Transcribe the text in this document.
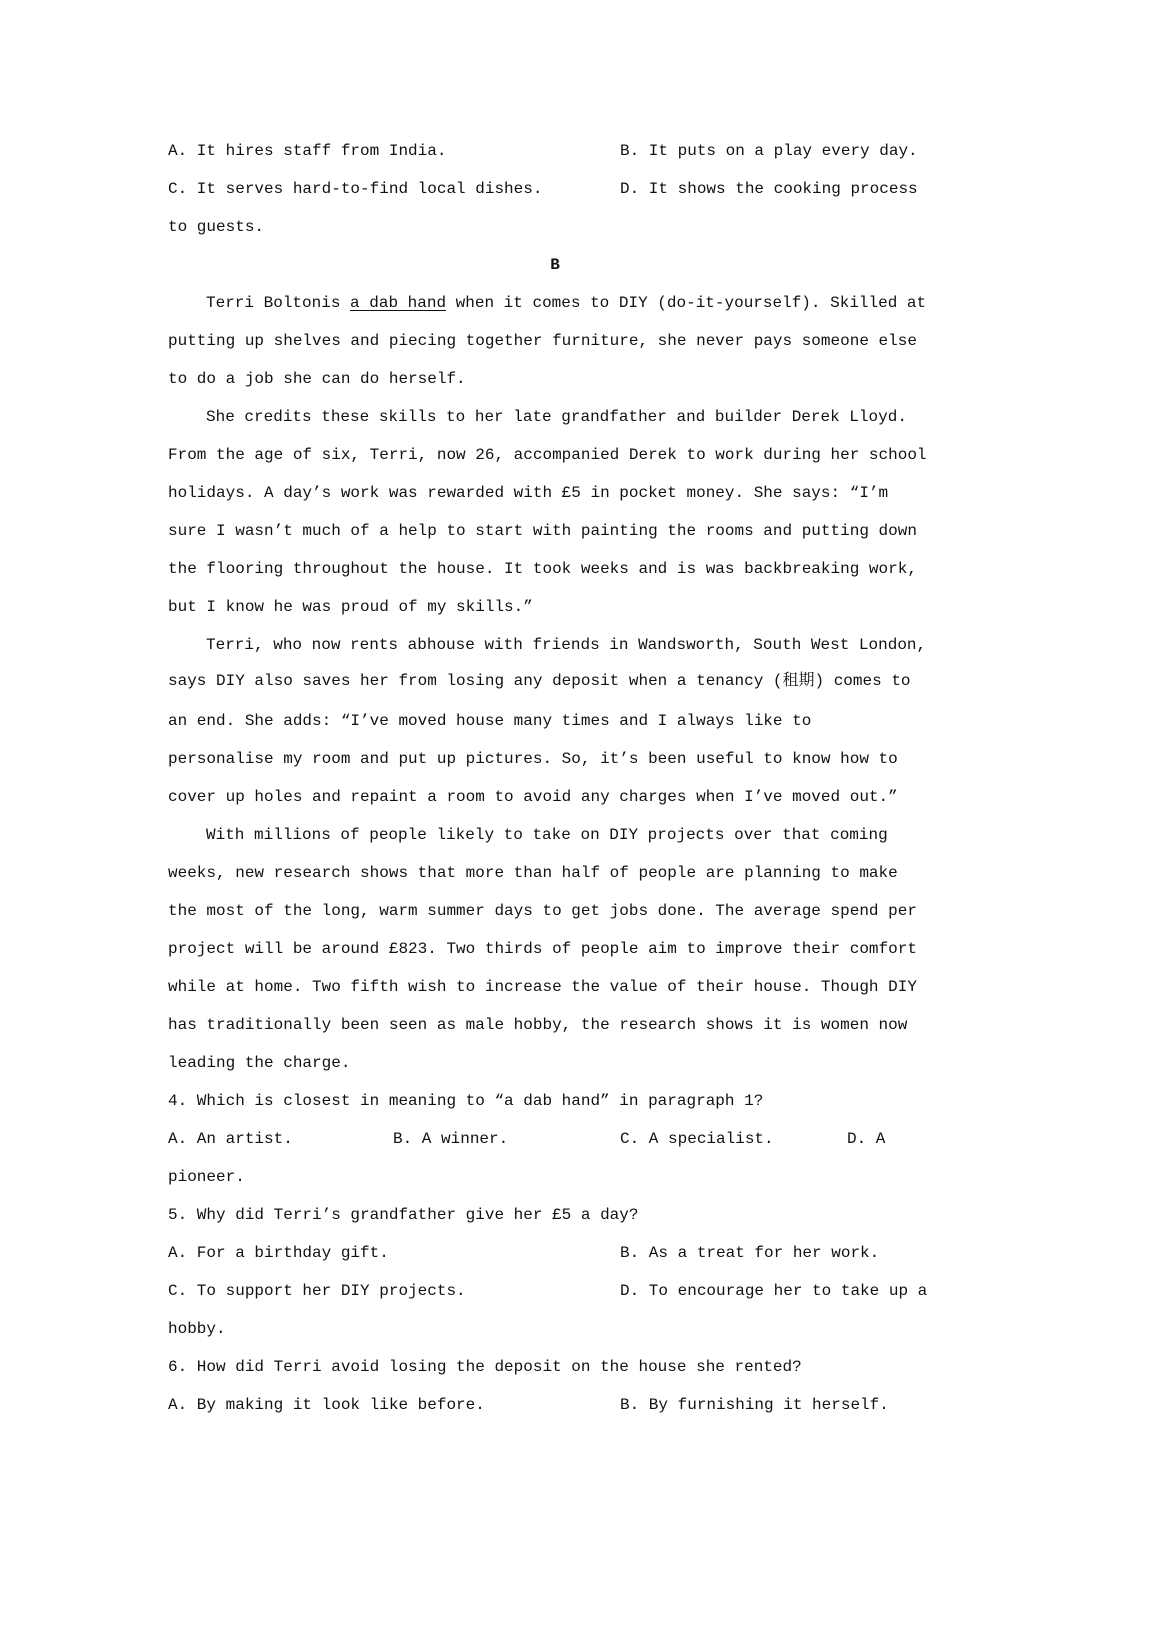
A. It hires staff from India.	B. It puts on a play every day.
C. It serves hard-to-find local dishes.	D. It shows the cooking process
to guests.
B
Terri Boltonis a dab hand when it comes to DIY (do-it-yourself). Skilled at
putting up shelves and piecing together furniture, she never pays someone else
to do a job she can do herself.
She credits these skills to her late grandfather and builder Derek Lloyd.
From the age of six, Terri, now 26, accompanied Derek to work during her school
holidays. A day’s work was rewarded with £5 in pocket money. She says: “I’m
sure I wasn’t much of a help to start with painting the rooms and putting down
the flooring throughout the house. It took weeks and is was backbreaking work,
but I know he was proud of my skills.”
Terri, who now rents abhouse with friends in Wandsworth, South West London,
says DIY also saves her from losing any deposit when a tenancy (租期) comes to
an end. She adds: “I’ve moved house many times and I always like to
personalise my room and put up pictures. So, it’s been useful to know how to
cover up holes and repaint a room to avoid any charges when I’ve moved out.”
With millions of people likely to take on DIY projects over that coming
weeks, new research shows that more than half of people are planning to make
the most of the long, warm summer days to get jobs done. The average spend per
project will be around £823. Two thirds of people aim to improve their comfort
while at home. Two fifth wish to increase the value of their house. Though DIY
has traditionally been seen as male hobby, the research shows it is women now
leading the charge.
4. Which is closest in meaning to “a dab hand” in paragraph 1?
A. An artist.	B. A winner.	C. A specialist.	D. A
pioneer.
5. Why did Terri’s grandfather give her £5 a day?
A. For a birthday gift.	B. As a treat for her work.
C. To support her DIY projects.	D. To encourage her to take up a
hobby.
6. How did Terri avoid losing the deposit on the house she rented?
A. By making it look like before.	B. By furnishing it herself.
